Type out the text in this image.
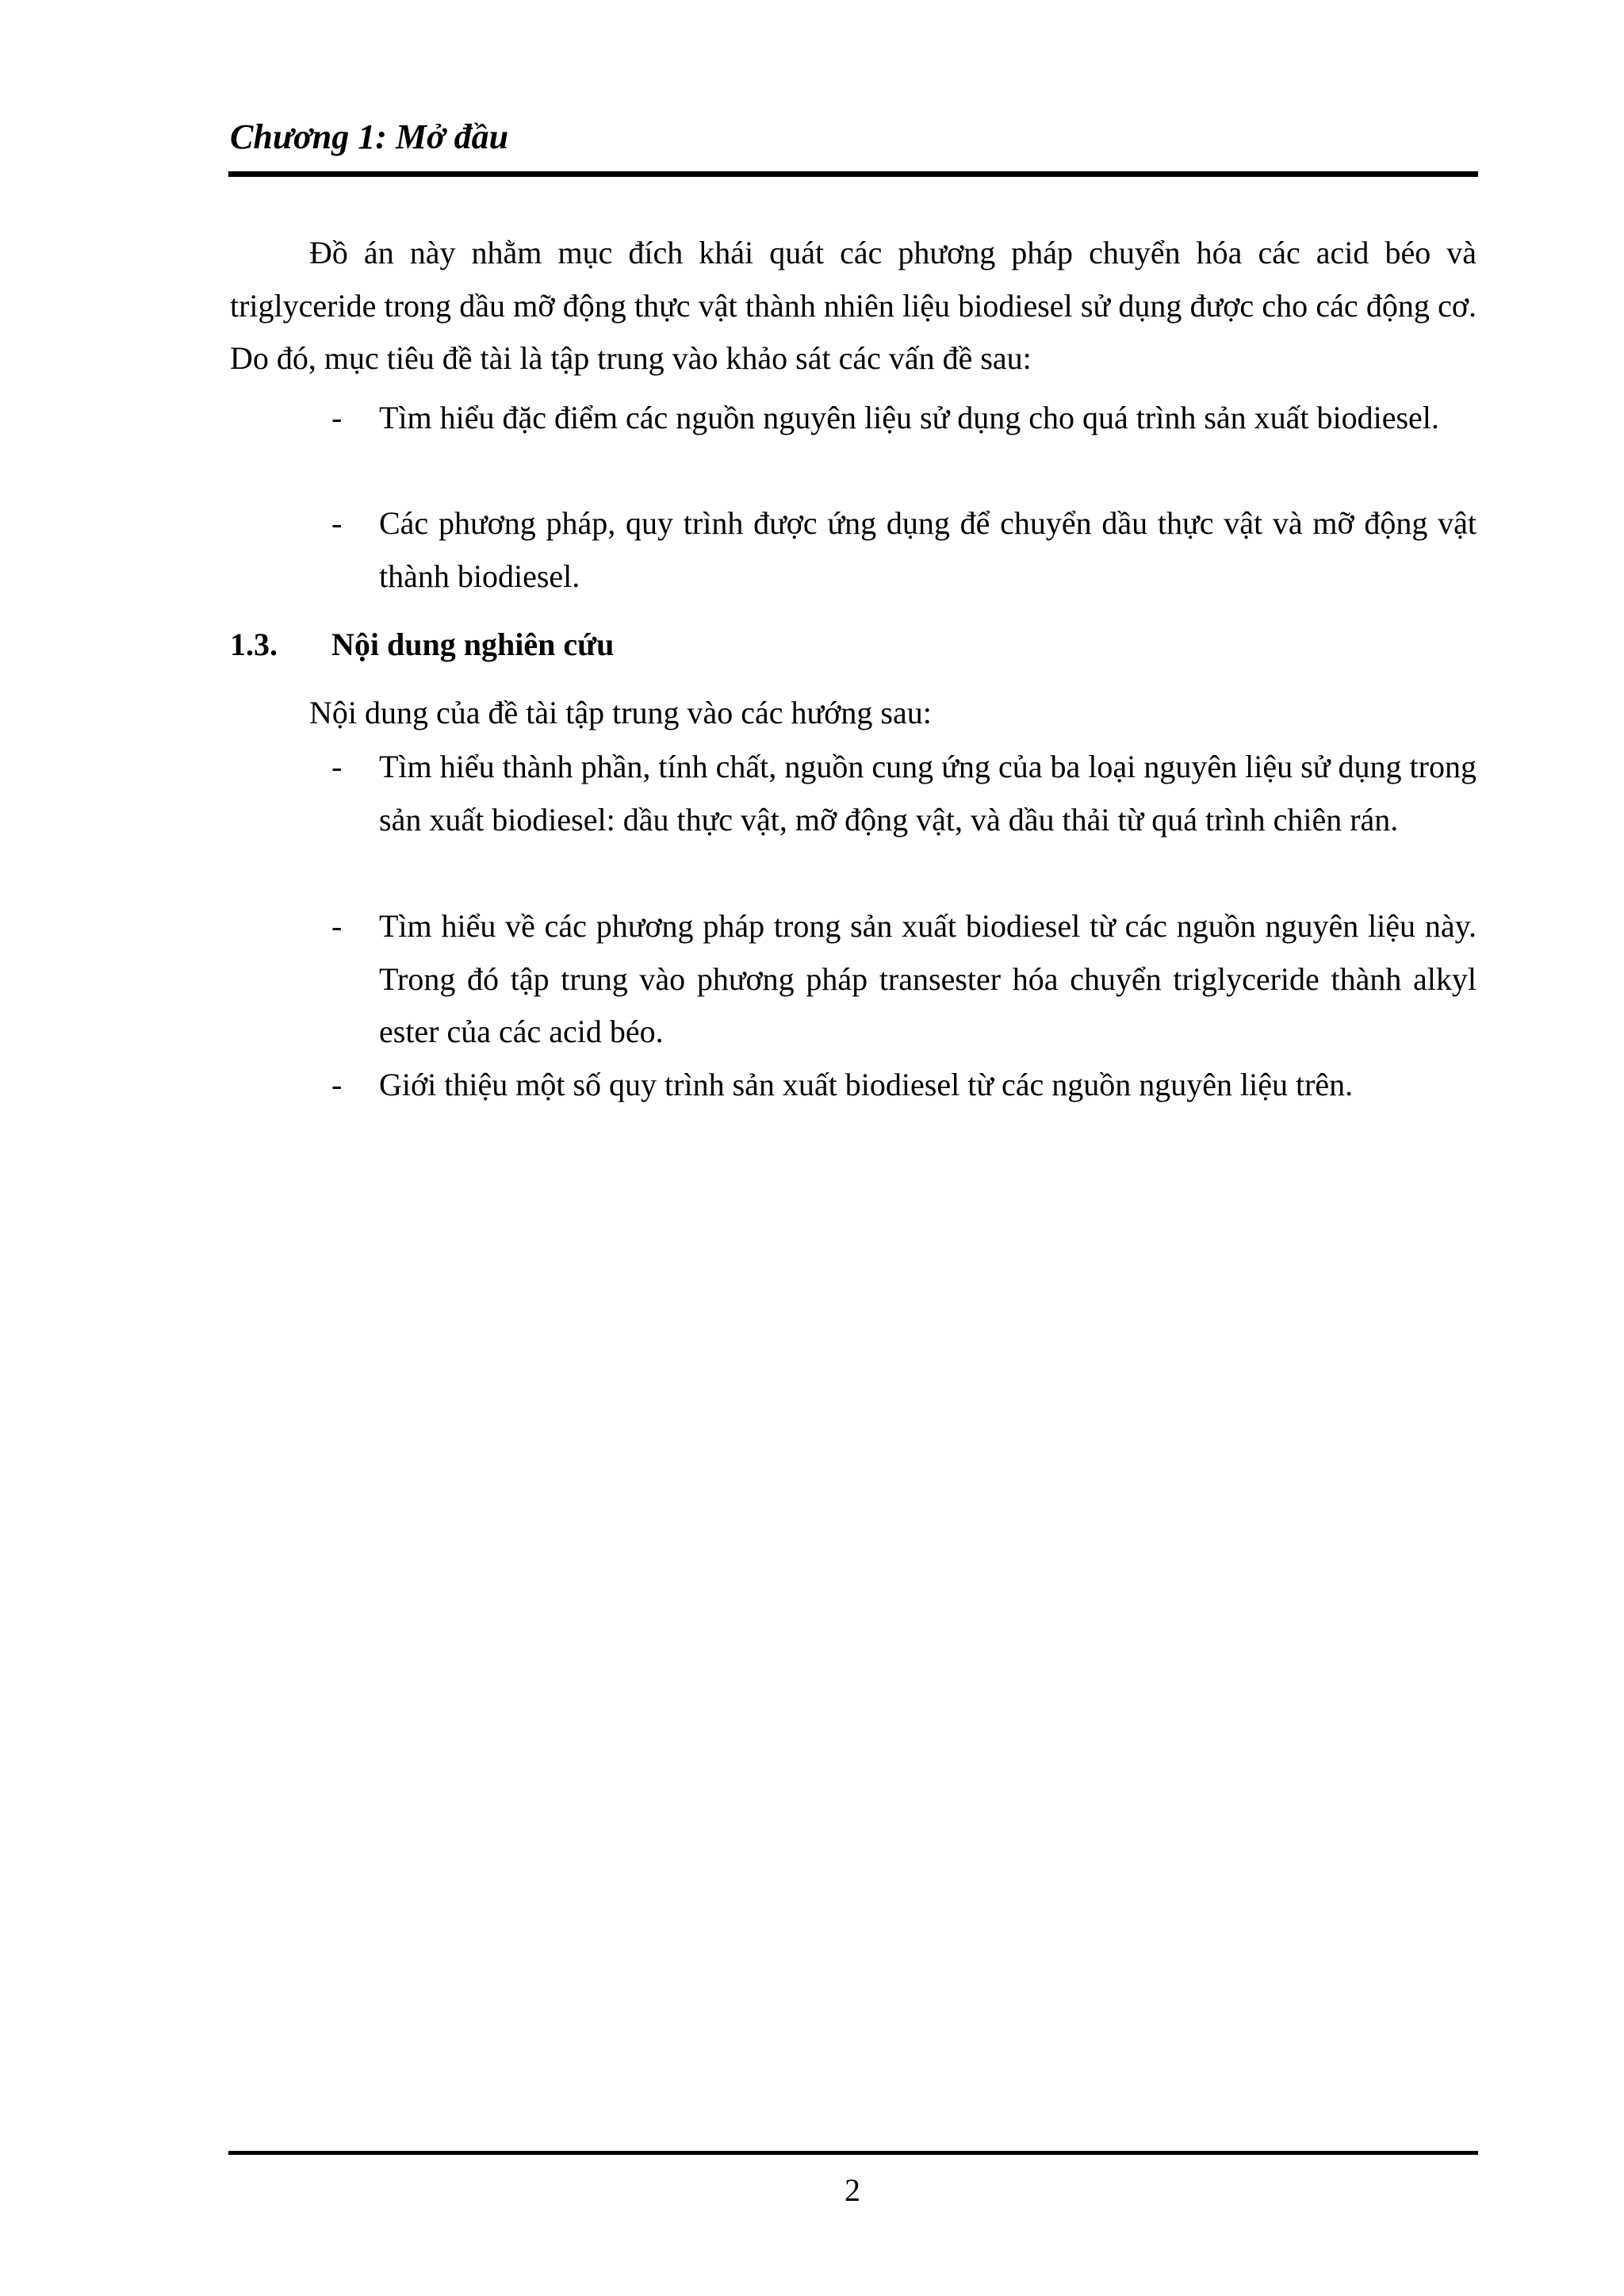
Chương 1: Mở đầu
Đồ án này nhằm mục đích khái quát các phương pháp chuyển hóa các acid béo và triglyceride trong dầu mỡ động thực vật thành nhiên liệu biodiesel sử dụng được cho các động cơ. Do đó, mục tiêu đề tài là tập trung vào khảo sát các vấn đề sau:
- Tìm hiểu đặc điểm các nguồn nguyên liệu sử dụng cho quá trình sản xuất biodiesel.
- Các phương pháp, quy trình được ứng dụng để chuyển dầu thực vật và mỡ động vật thành biodiesel.
1.3. Nội dung nghiên cứu
Nội dung của đề tài tập trung vào các hướng sau:
- Tìm hiểu thành phần, tính chất, nguồn cung ứng của ba loại nguyên liệu sử dụng trong sản xuất biodiesel: dầu thực vật, mỡ động vật, và dầu thải từ quá trình chiên rán.
- Tìm hiểu về các phương pháp trong sản xuất biodiesel từ các nguồn nguyên liệu này. Trong đó tập trung vào phương pháp transester hóa chuyển triglyceride thành alkyl ester của các acid béo.
- Giới thiệu một số quy trình sản xuất biodiesel từ các nguồn nguyên liệu trên.
2
